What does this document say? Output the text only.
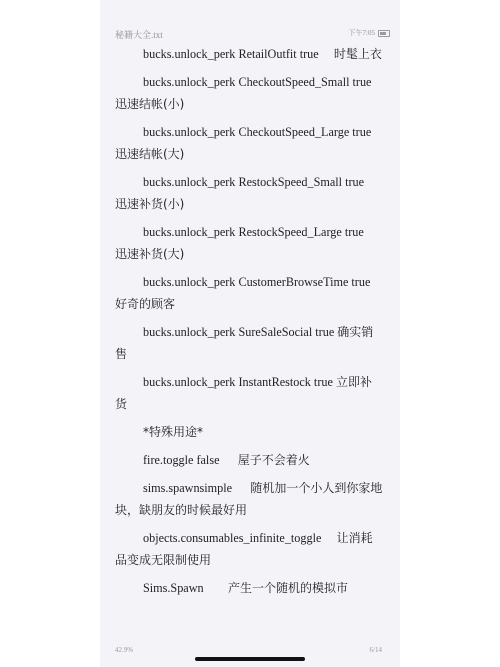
秘籍大全.txt	下午7:05

bucks.unlock_perk RetailOutfit true 时髦上衣

bucks.unlock_perk CheckoutSpeed_Small true     迅速结帐(小)

bucks.unlock_perk CheckoutSpeed_Large true     迅速结帐(大)

bucks.unlock_perk RestockSpeed_Small true     迅速补货(小)

bucks.unlock_perk RestockSpeed_Large true     迅速补货(大)

bucks.unlock_perk CustomerBrowseTime true     好奇的顾客

bucks.unlock_perk SureSaleSocial true 确实销售

bucks.unlock_perk InstantRestock true 立即补货

*特殊用途*

fire.toggle false 屋子不会着火

sims.spawnsimple 随机加一个小人到你家地块，缺朋友的时候最好用

objects.consumables_infinite_toggle 让消耗品变成无限制使用

Sims.Spawn 产生一个随机的模拟市

42.9%	6/14
